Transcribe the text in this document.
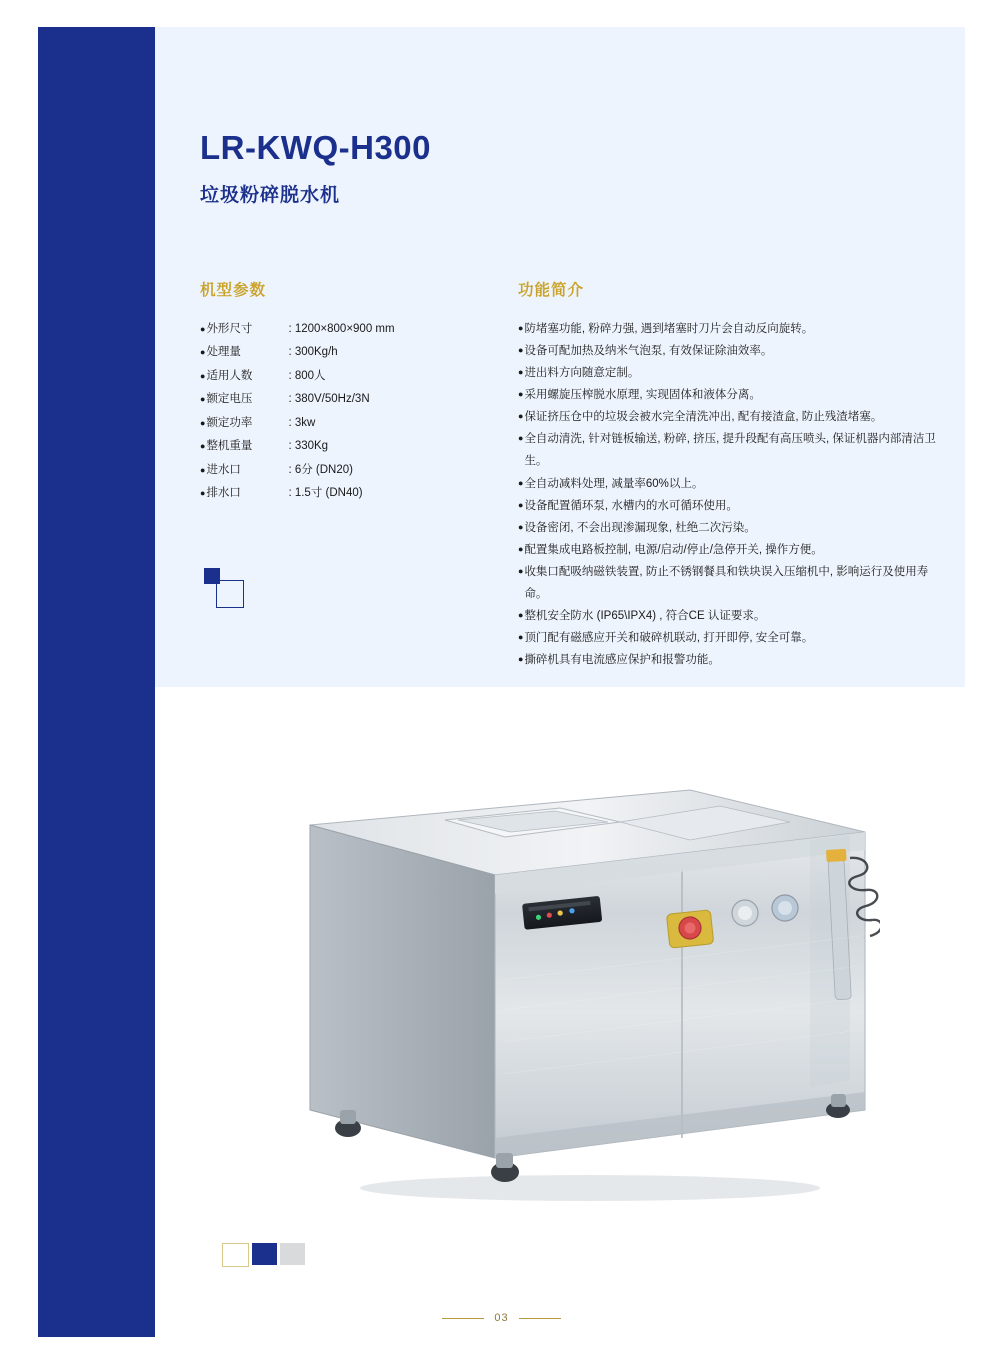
LR-KWQ-H300
垃圾粉碎脱水机
机型参数
● 外形尺寸	: 1200×800×900 mm
● 处理量	: 300Kg/h
● 适用人数	: 800人
● 额定电压	: 380V/50Hz/3N
● 额定功率	: 3kw
● 整机重量	: 330Kg
● 进水口	: 6分 (DN20)
● 排水口	: 1.5寸 (DN40)
功能简介
● 防堵塞功能, 粉碎力强, 遇到堵塞时刀片会自动反向旋转。
● 设备可配加热及纳米气泡泵, 有效保证除油效率。
● 进出料方向随意定制。
● 采用螺旋压榨脱水原理, 实现固体和液体分离。
● 保证挤压仓中的垃圾会被水完全清洗冲出, 配有接渣盒, 防止残渣堵塞。
● 全自动清洗, 针对链板输送, 粉碎, 挤压, 提升段配有高压喷头, 保证机器内部清洁卫生。
● 全自动减料处理, 减量率60%以上。
● 设备配置循环泵, 水槽内的水可循环使用。
● 设备密闭, 不会出现渗漏现象, 杜绝二次污染。
● 配置集成电路板控制, 电源/启动/停止/急停开关, 操作方便。
● 收集口配吸纳磁铁装置, 防止不锈钢餐具和铁块误入压缩机中, 影响运行及使用寿命。
● 整机安全防水 (IP65\IPX4) , 符合CE 认证要求。
● 顶门配有磁感应开关和破碎机联动, 打开即停, 安全可靠。
● 撕碎机具有电流感应保护和报警功能。
03
